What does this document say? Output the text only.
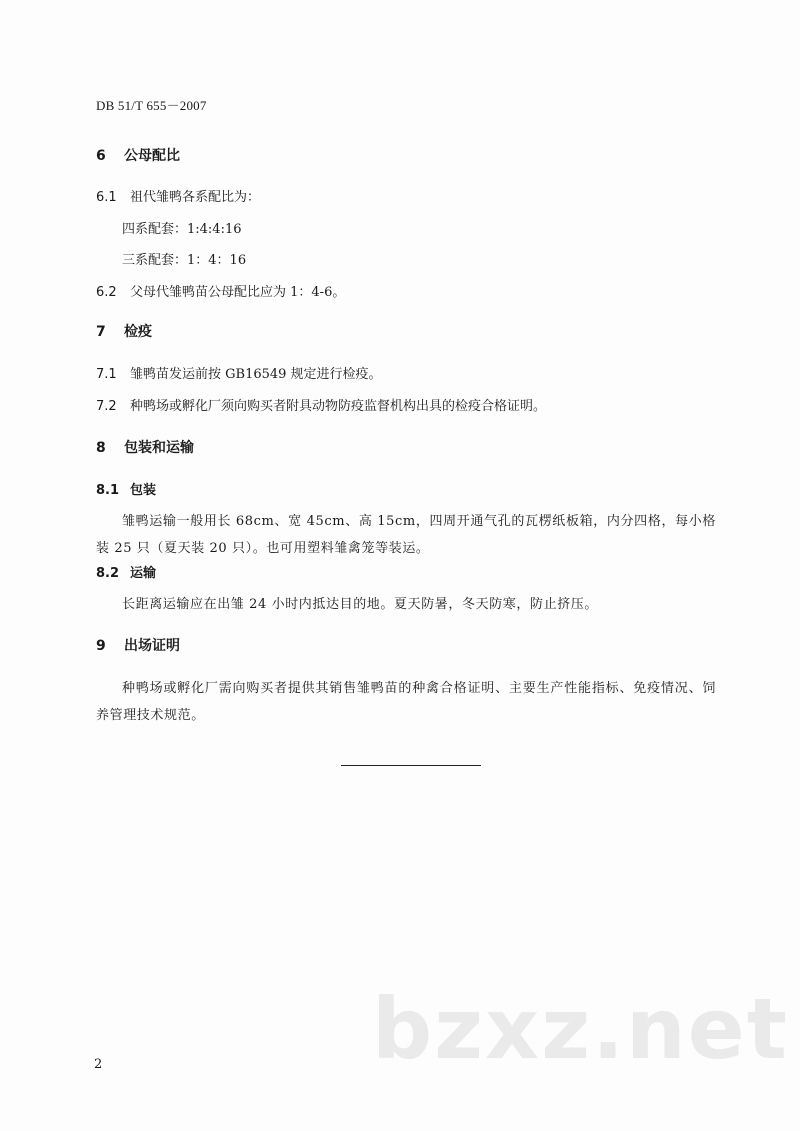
DB 51/T 655－2007
6 公母配比
6.1 祖代雏鸭各系配比为：
四系配套：1:4:4:16
三系配套：1：4：16
6.2 父母代雏鸭苗公母配比应为 1：4-6。
7 检疫
7.1 雏鸭苗发运前按 GB16549 规定进行检疫。
7.2 种鸭场或孵化厂须向购买者附具动物防疫监督机构出具的检疫合格证明。
8 包装和运输
8.1 包装
雏鸭运输一般用长 68cm、宽 45cm、高 15cm，四周开通气孔的瓦楞纸板箱，内分四格，每小格装 25 只（夏天装 20 只）。也可用塑料雏禽笼等装运。
8.2 运输
长距离运输应在出雏 24 小时内抵达目的地。夏天防暑，冬天防寒，防止挤压。
9 出场证明
种鸭场或孵化厂需向购买者提供其销售雏鸭苗的种禽合格证明、主要生产性能指标、免疫情况、饲养管理技术规范。
bzxz.net
2
